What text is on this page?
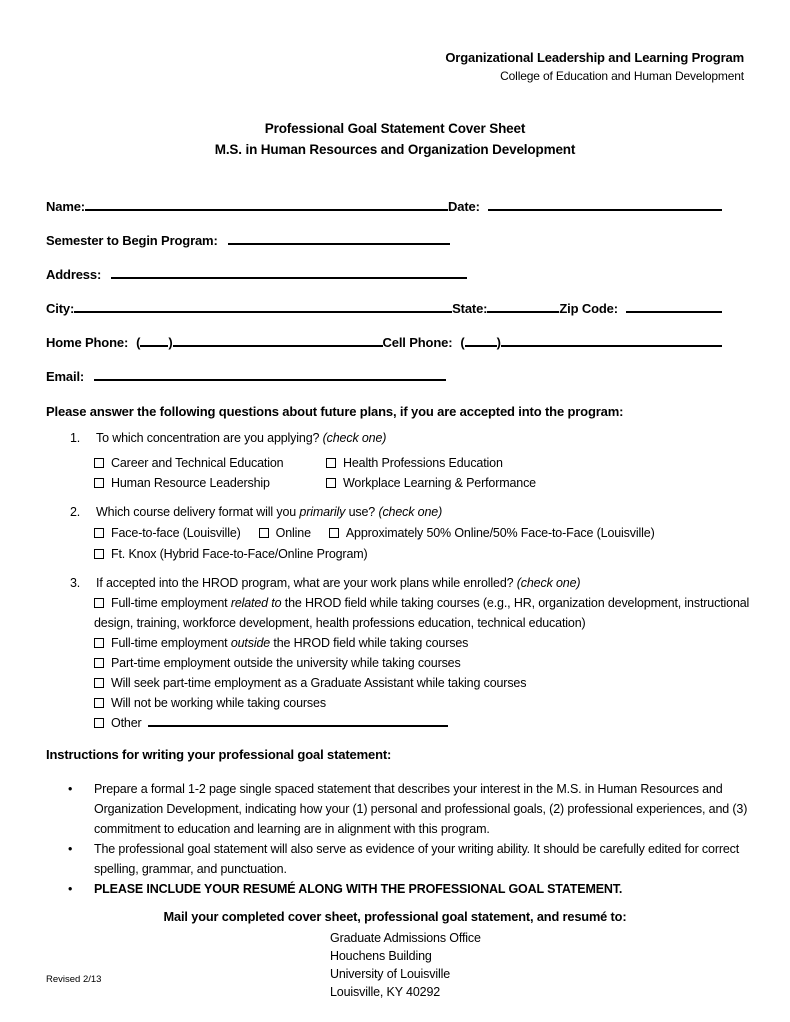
Organizational Leadership and Learning Program
College of Education and Human Development
Professional Goal Statement Cover Sheet
M.S. in Human Resources and Organization Development
Name:	Date:
Semester to Begin Program:
Address:
City:	State:	Zip Code:
Home Phone: ( )	Cell Phone: ( )
Email:
Please answer the following questions about future plans, if you are accepted into the program:
1.	To which concentration are you applying? (check one)
Career and Technical Education	Health Professions Education
Human Resource Leadership	Workplace Learning & Performance
2.	Which course delivery format will you primarily use? (check one)
Face-to-face (Louisville)	Online	Approximately 50% Online/50% Face-to-Face (Louisville)
Ft. Knox (Hybrid Face-to-Face/Online Program)
3.	If accepted into the HROD program, what are your work plans while enrolled? (check one)
Full-time employment related to the HROD field while taking courses (e.g., HR, organization development, instructional design, training, workforce development, health professions education, technical education)
Full-time employment outside the HROD field while taking courses
Part-time employment outside the university while taking courses
Will seek part-time employment as a Graduate Assistant while taking courses
Will not be working while taking courses
Other
Instructions for writing your professional goal statement:
•	Prepare a formal 1-2 page single spaced statement that describes your interest in the M.S. in Human Resources and Organization Development, indicating how your (1) personal and professional goals, (2) professional experiences, and (3) commitment to education and learning are in alignment with this program.
•	The professional goal statement will also serve as evidence of your writing ability. It should be carefully edited for correct spelling, grammar, and punctuation.
•	PLEASE INCLUDE YOUR RESUMÉ ALONG WITH THE PROFESSIONAL GOAL STATEMENT.
Mail your completed cover sheet, professional goal statement, and resumé to:
Graduate Admissions Office
Houchens Building
University of Louisville
Louisville, KY 40292
Revised 2/13
